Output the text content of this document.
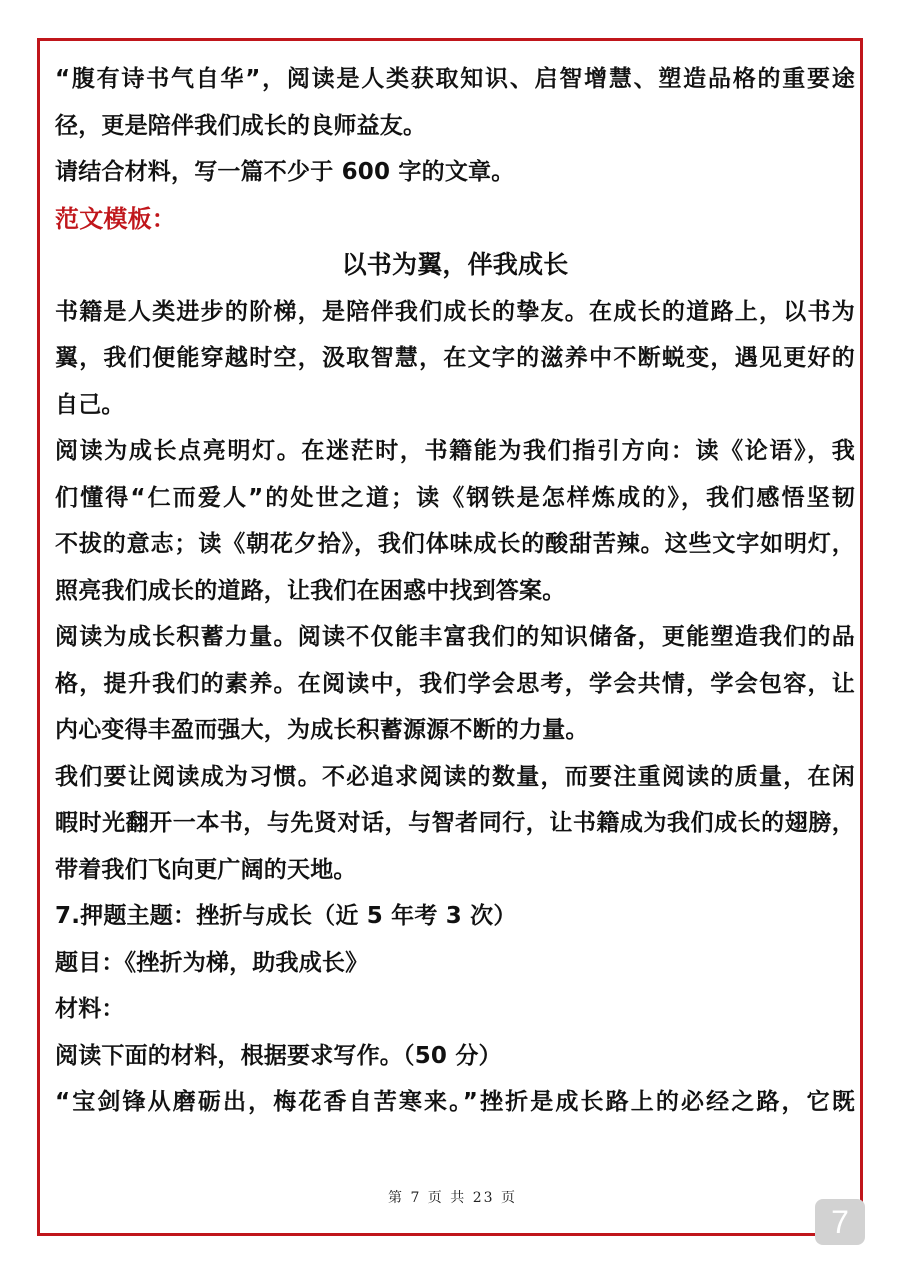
“腹有诗书气自华”，阅读是人类获取知识、启智增慧、塑造品格的重要途
径，更是陪伴我们成长的良师益友。
请结合材料，写一篇不少于 600 字的文章。
范文模板：
以书为翼，伴我成长
书籍是人类进步的阶梯，是陪伴我们成长的挚友。在成长的道路上，以书为
翼，我们便能穿越时空，汲取智慧，在文字的滋养中不断蜕变，遇见更好的
自己。
阅读为成长点亮明灯。在迷茫时，书籍能为我们指引方向：读《论语》，我
们懂得“仁而爱人”的处世之道；读《钢铁是怎样炼成的》，我们感悟坚韧
不拔的意志；读《朝花夕拾》，我们体味成长的酸甜苦辣。这些文字如明灯，
照亮我们成长的道路，让我们在困惑中找到答案。
阅读为成长积蓄力量。阅读不仅能丰富我们的知识储备，更能塑造我们的品
格，提升我们的素养。在阅读中，我们学会思考，学会共情，学会包容，让
内心变得丰盈而强大，为成长积蓄源源不断的力量。
我们要让阅读成为习惯。不必追求阅读的数量，而要注重阅读的质量，在闲
暇时光翻开一本书，与先贤对话，与智者同行，让书籍成为我们成长的翅膀，
带着我们飞向更广阔的天地。
7.押题主题：挫折与成长（近 5 年考 3 次）
题目：《挫折为梯，助我成长》
材料：
阅读下面的材料，根据要求写作。（50 分）
“宝剑锋从磨砺出，梅花香自苦寒来。”挫折是成长路上的必经之路，它既
第 7 页 共 23 页
7
